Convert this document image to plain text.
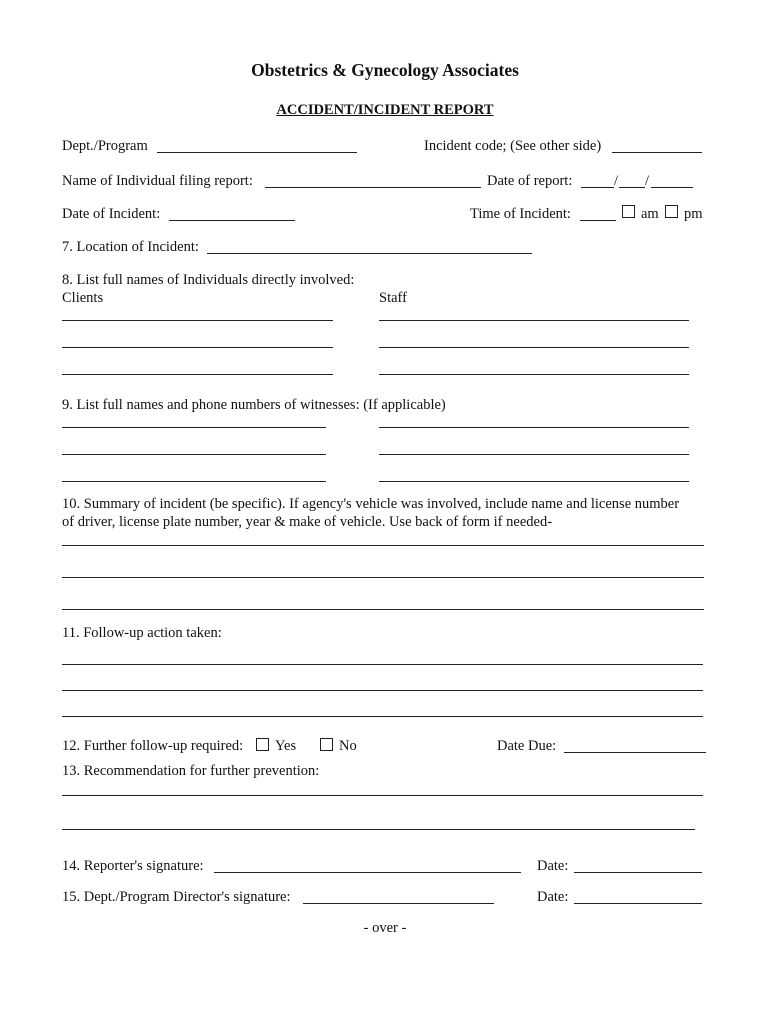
Obstetrics & Gynecology Associates
ACCIDENT/INCIDENT REPORT
Dept./Program	Incident code; (See other side)
Name of Individual filing report:	Date of report:	/ /
Date of Incident:	Time of Incident:	am pm
7. Location of Incident:
8. List full names of Individuals directly involved:
Clients	Staff
9. List full names and phone numbers of witnesses: (If applicable)
10. Summary of incident (be specific). If agency's vehicle was involved, include name and license number
of driver, license plate number, year & make of vehicle. Use back of form if needed-
11. Follow-up action taken:
12. Further follow-up required: Yes	No	Date Due:
13. Recommendation for further prevention:
14. Reporter's signature:	Date:
15. Dept./Program Director's signature:	Date:
- over -
